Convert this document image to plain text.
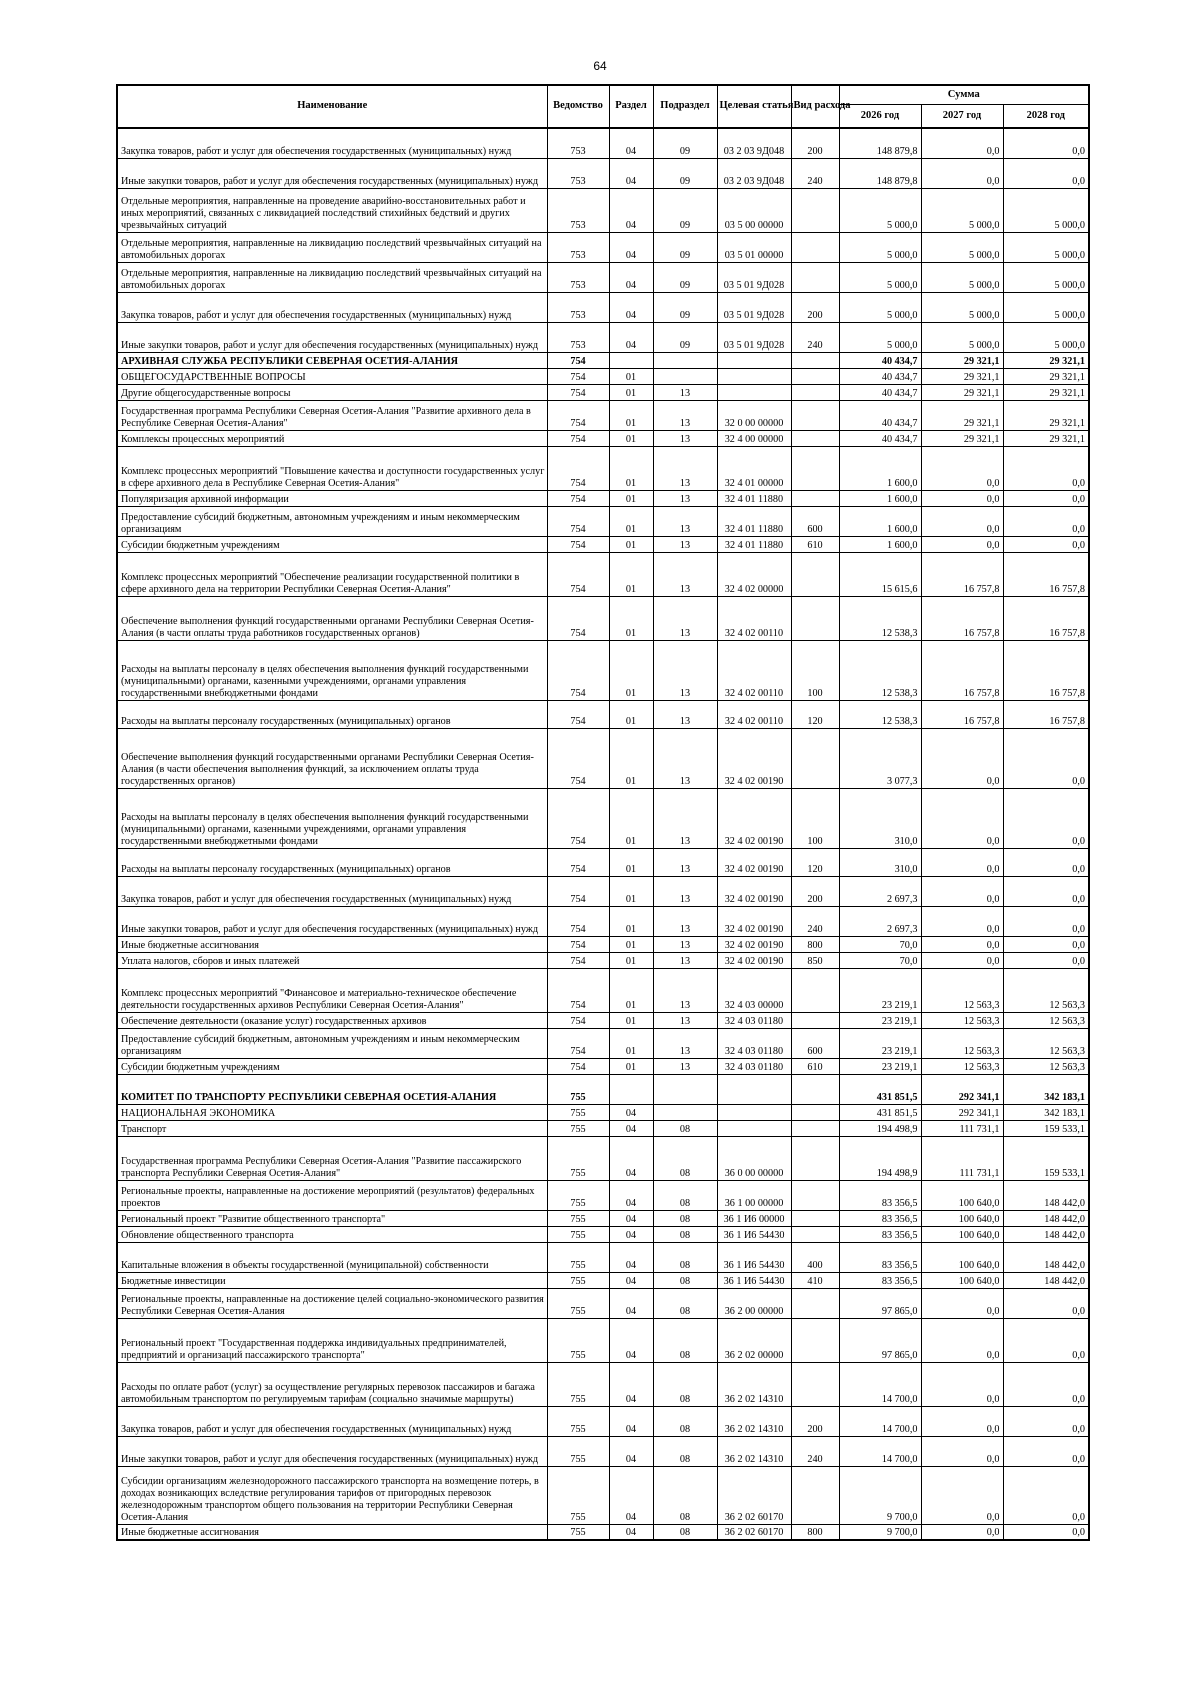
64
Наименование	Ведомство	Раздел	Подраздел	Целевая статья	Вид расхода	Сумма		
						2026 год	2027 год	2028 год
Закупка товаров, работ и услуг для обеспечения государственных (муниципальных) нужд	753	04	09	03 2 03 9Д048	200	148 879,8	0,0	0,0
Иные закупки товаров, работ и услуг для обеспечения государственных (муниципальных) нужд	753	04	09	03 2 03 9Д048	240	148 879,8	0,0	0,0
Отдельные мероприятия, направленные на проведение аварийно-восстановительных работ и иных мероприятий, связанных с ликвидацией последствий стихийных бедствий и других чрезвычайных ситуаций	753	04	09	03 5 00 00000		5 000,0	5 000,0	5 000,0
Отдельные мероприятия, направленные на ликвидацию последствий чрезвычайных ситуаций на автомобильных дорогах	753	04	09	03 5 01 00000		5 000,0	5 000,0	5 000,0
Отдельные мероприятия, направленные на ликвидацию последствий чрезвычайных ситуаций на автомобильных дорогах	753	04	09	03 5 01 9Д028		5 000,0	5 000,0	5 000,0
Закупка товаров, работ и услуг для обеспечения государственных (муниципальных) нужд	753	04	09	03 5 01 9Д028	200	5 000,0	5 000,0	5 000,0
Иные закупки товаров, работ и услуг для обеспечения государственных (муниципальных) нужд	753	04	09	03 5 01 9Д028	240	5 000,0	5 000,0	5 000,0
АРХИВНАЯ СЛУЖБА РЕСПУБЛИКИ СЕВЕРНАЯ ОСЕТИЯ-АЛАНИЯ	754					40 434,7	29 321,1	29 321,1
ОБЩЕГОСУДАРСТВЕННЫЕ ВОПРОСЫ	754	01				40 434,7	29 321,1	29 321,1
Другие общегосударственные вопросы	754	01	13			40 434,7	29 321,1	29 321,1
Государственная программа Республики Северная Осетия-Алания "Развитие архивного дела в Республике Северная Осетия-Алания"	754	01	13	32 0 00 00000		40 434,7	29 321,1	29 321,1
Комплексы процессных мероприятий	754	01	13	32 4 00 00000		40 434,7	29 321,1	29 321,1
Комплекс процессных мероприятий "Повышение качества и доступности государственных услуг в сфере архивного дела в Республике Северная Осетия-Алания"	754	01	13	32 4 01 00000		1 600,0	0,0	0,0
Популяризация архивной информации	754	01	13	32 4 01 11880		1 600,0	0,0	0,0
Предоставление субсидий бюджетным, автономным учреждениям и иным некоммерческим организациям	754	01	13	32 4 01 11880	600	1 600,0	0,0	0,0
Субсидии бюджетным учреждениям	754	01	13	32 4 01 11880	610	1 600,0	0,0	0,0
Комплекс процессных мероприятий "Обеспечение реализации государственной политики в сфере архивного дела на территории Республики Северная Осетия-Алания"	754	01	13	32 4 02 00000		15 615,6	16 757,8	16 757,8
Обеспечение выполнения функций государственными органами Республики Северная Осетия-Алания (в части оплаты труда работников государственных органов)	754	01	13	32 4 02 00110		12 538,3	16 757,8	16 757,8
Расходы на выплаты персоналу в целях обеспечения выполнения функций государственными (муниципальными) органами, казенными учреждениями, органами управления государственными внебюджетными фондами	754	01	13	32 4 02 00110	100	12 538,3	16 757,8	16 757,8
Расходы на выплаты персоналу государственных (муниципальных) органов	754	01	13	32 4 02 00110	120	12 538,3	16 757,8	16 757,8
Обеспечение выполнения функций государственными органами Республики Северная Осетия-Алания (в части обеспечения выполнения функций, за исключением оплаты труда государственных органов)	754	01	13	32 4 02 00190		3 077,3	0,0	0,0
Расходы на выплаты персоналу в целях обеспечения выполнения функций государственными (муниципальными) органами, казенными учреждениями, органами управления государственными внебюджетными фондами	754	01	13	32 4 02 00190	100	310,0	0,0	0,0
Расходы на выплаты персоналу государственных (муниципальных) органов	754	01	13	32 4 02 00190	120	310,0	0,0	0,0
Закупка товаров, работ и услуг для обеспечения государственных (муниципальных) нужд	754	01	13	32 4 02 00190	200	2 697,3	0,0	0,0
Иные закупки товаров, работ и услуг для обеспечения государственных (муниципальных) нужд	754	01	13	32 4 02 00190	240	2 697,3	0,0	0,0
Иные бюджетные ассигнования	754	01	13	32 4 02 00190	800	70,0	0,0	0,0
Уплата налогов, сборов и иных платежей	754	01	13	32 4 02 00190	850	70,0	0,0	0,0
Комплекс процессных мероприятий "Финансовое и материально-техническое обеспечение деятельности государственных архивов Республики Северная Осетия-Алания"	754	01	13	32 4 03 00000		23 219,1	12 563,3	12 563,3
Обеспечение деятельности (оказание услуг) государственных архивов	754	01	13	32 4 03 01180		23 219,1	12 563,3	12 563,3
Предоставление субсидий бюджетным, автономным учреждениям и иным некоммерческим организациям	754	01	13	32 4 03 01180	600	23 219,1	12 563,3	12 563,3
Субсидии бюджетным учреждениям	754	01	13	32 4 03 01180	610	23 219,1	12 563,3	12 563,3
КОМИТЕТ ПО ТРАНСПОРТУ РЕСПУБЛИКИ СЕВЕРНАЯ ОСЕТИЯ-АЛАНИЯ	755					431 851,5	292 341,1	342 183,1
НАЦИОНАЛЬНАЯ ЭКОНОМИКА	755	04				431 851,5	292 341,1	342 183,1
Транспорт	755	04	08			194 498,9	111 731,1	159 533,1
Государственная программа Республики Северная Осетия-Алания "Развитие пассажирского транспорта Республики Северная Осетия-Алания"	755	04	08	36 0 00 00000		194 498,9	111 731,1	159 533,1
Региональные проекты, направленные на достижение мероприятий (результатов) федеральных проектов	755	04	08	36 1 00 00000		83 356,5	100 640,0	148 442,0
Региональный проект "Развитие общественного транспорта"	755	04	08	36 1 И6 00000		83 356,5	100 640,0	148 442,0
Обновление общественного транспорта	755	04	08	36 1 И6 54430		83 356,5	100 640,0	148 442,0
Капитальные вложения в объекты государственной (муниципальной) собственности	755	04	08	36 1 И6 54430	400	83 356,5	100 640,0	148 442,0
Бюджетные инвестиции	755	04	08	36 1 И6 54430	410	83 356,5	100 640,0	148 442,0
Региональные проекты, направленные на достижение целей социально-экономического развития Республики Северная Осетия-Алания	755	04	08	36 2 00 00000		97 865,0	0,0	0,0
Региональный проект "Государственная поддержка индивидуальных предпринимателей, предприятий и организаций пассажирского транспорта"	755	04	08	36 2 02 00000		97 865,0	0,0	0,0
Расходы по оплате работ (услуг) за осуществление регулярных перевозок пассажиров и багажа автомобильным транспортом по регулируемым тарифам (социально значимые маршруты)	755	04	08	36 2 02 14310		14 700,0	0,0	0,0
Закупка товаров, работ и услуг для обеспечения государственных (муниципальных) нужд	755	04	08	36 2 02 14310	200	14 700,0	0,0	0,0
Иные закупки товаров, работ и услуг для обеспечения государственных (муниципальных) нужд	755	04	08	36 2 02 14310	240	14 700,0	0,0	0,0
Субсидии организациям железнодорожного пассажирского транспорта на возмещение потерь, в доходах возникающих вследствие регулирования тарифов от пригородных перевозок железнодорожным транспортом общего пользования на территории Республики Северная Осетия-Алания	755	04	08	36 2 02 60170		9 700,0	0,0	0,0
Иные бюджетные ассигнования	755	04	08	36 2 02 60170	800	9 700,0	0,0	0,0
